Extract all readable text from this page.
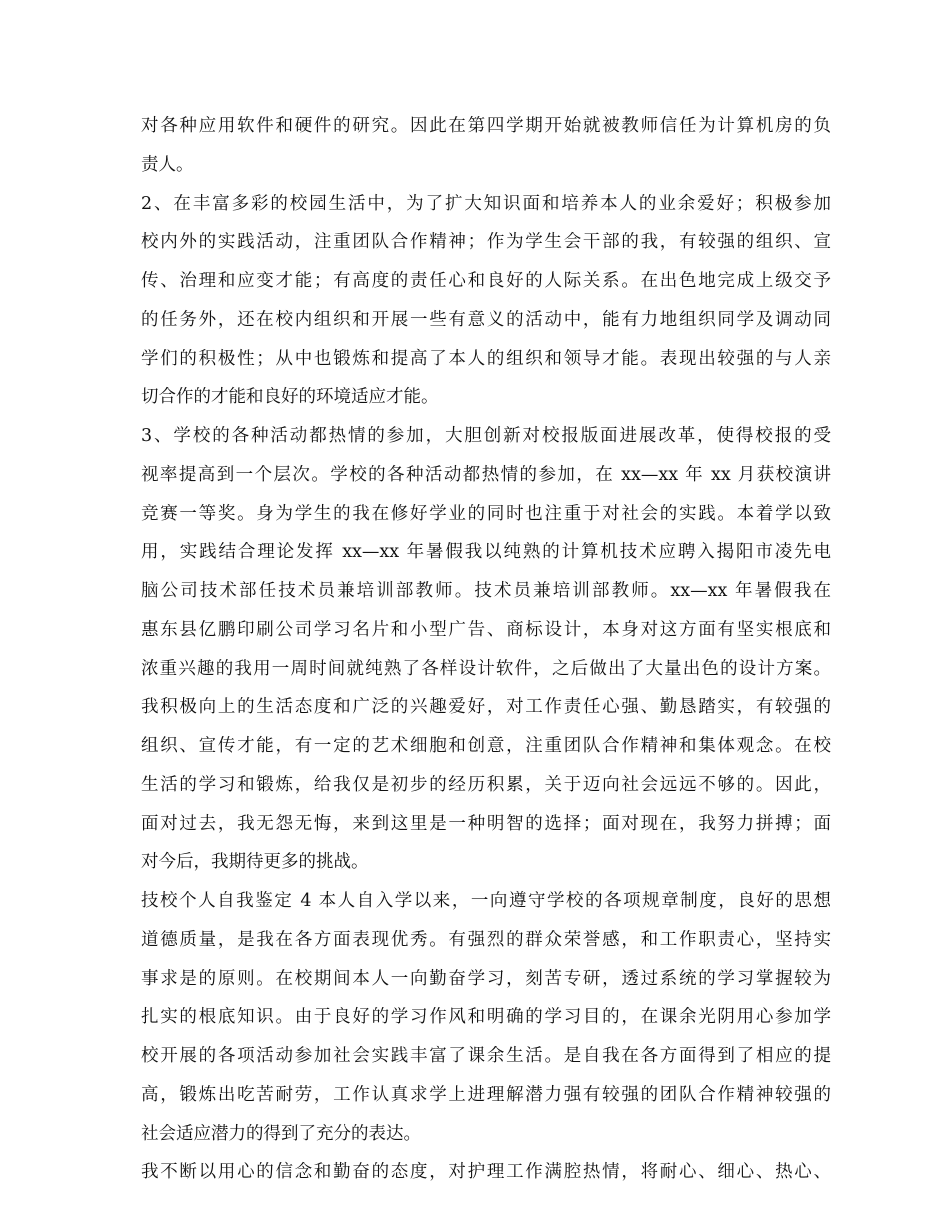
对各种应用软件和硬件的研究。因此在第四学期开始就被教师信任为计算机房的负
责人。
2、在丰富多彩的校园生活中，为了扩大知识面和培养本人的业余爱好；积极参加
校内外的实践活动，注重团队合作精神；作为学生会干部的我，有较强的组织、宣
传、治理和应变才能；有高度的责任心和良好的人际关系。在出色地完成上级交予
的任务外，还在校内组织和开展一些有意义的活动中，能有力地组织同学及调动同
学们的积极性；从中也锻炼和提高了本人的组织和领导才能。表现出较强的与人亲
切合作的才能和良好的环境适应才能。
3、学校的各种活动都热情的参加，大胆创新对校报版面进展改革，使得校报的受
视率提高到一个层次。学校的各种活动都热情的参加，在 xx—xx 年 xx 月获校演讲
竞赛一等奖。身为学生的我在修好学业的同时也注重于对社会的实践。本着学以致
用，实践结合理论发挥 xx—xx 年暑假我以纯熟的计算机技术应聘入揭阳市凌先电
脑公司技术部任技术员兼培训部教师。技术员兼培训部教师。xx—xx 年暑假我在
惠东县亿鹏印刷公司学习名片和小型广告、商标设计，本身对这方面有坚实根底和
浓重兴趣的我用一周时间就纯熟了各样设计软件，之后做出了大量出色的设计方案。
我积极向上的生活态度和广泛的兴趣爱好，对工作责任心强、勤恳踏实，有较强的
组织、宣传才能，有一定的艺术细胞和创意，注重团队合作精神和集体观念。在校
生活的学习和锻炼，给我仅是初步的经历积累，关于迈向社会远远不够的。因此，
面对过去，我无怨无悔，来到这里是一种明智的选择；面对现在，我努力拼搏；面
对今后，我期待更多的挑战。
技校个人自我鉴定 4 本人自入学以来，一向遵守学校的各项规章制度，良好的思想
道德质量，是我在各方面表现优秀。有强烈的群众荣誉感，和工作职责心，坚持实
事求是的原则。在校期间本人一向勤奋学习，刻苦专研，透过系统的学习掌握较为
扎实的根底知识。由于良好的学习作风和明确的学习目的，在课余光阴用心参加学
校开展的各项活动参加社会实践丰富了课余生活。是自我在各方面得到了相应的提
高，锻炼出吃苦耐劳，工作认真求学上进理解潜力强有较强的团队合作精神较强的
社会适应潜力的得到了充分的表达。
我不断以用心的信念和勤奋的态度，对护理工作满腔热情，将耐心、细心、热心、
